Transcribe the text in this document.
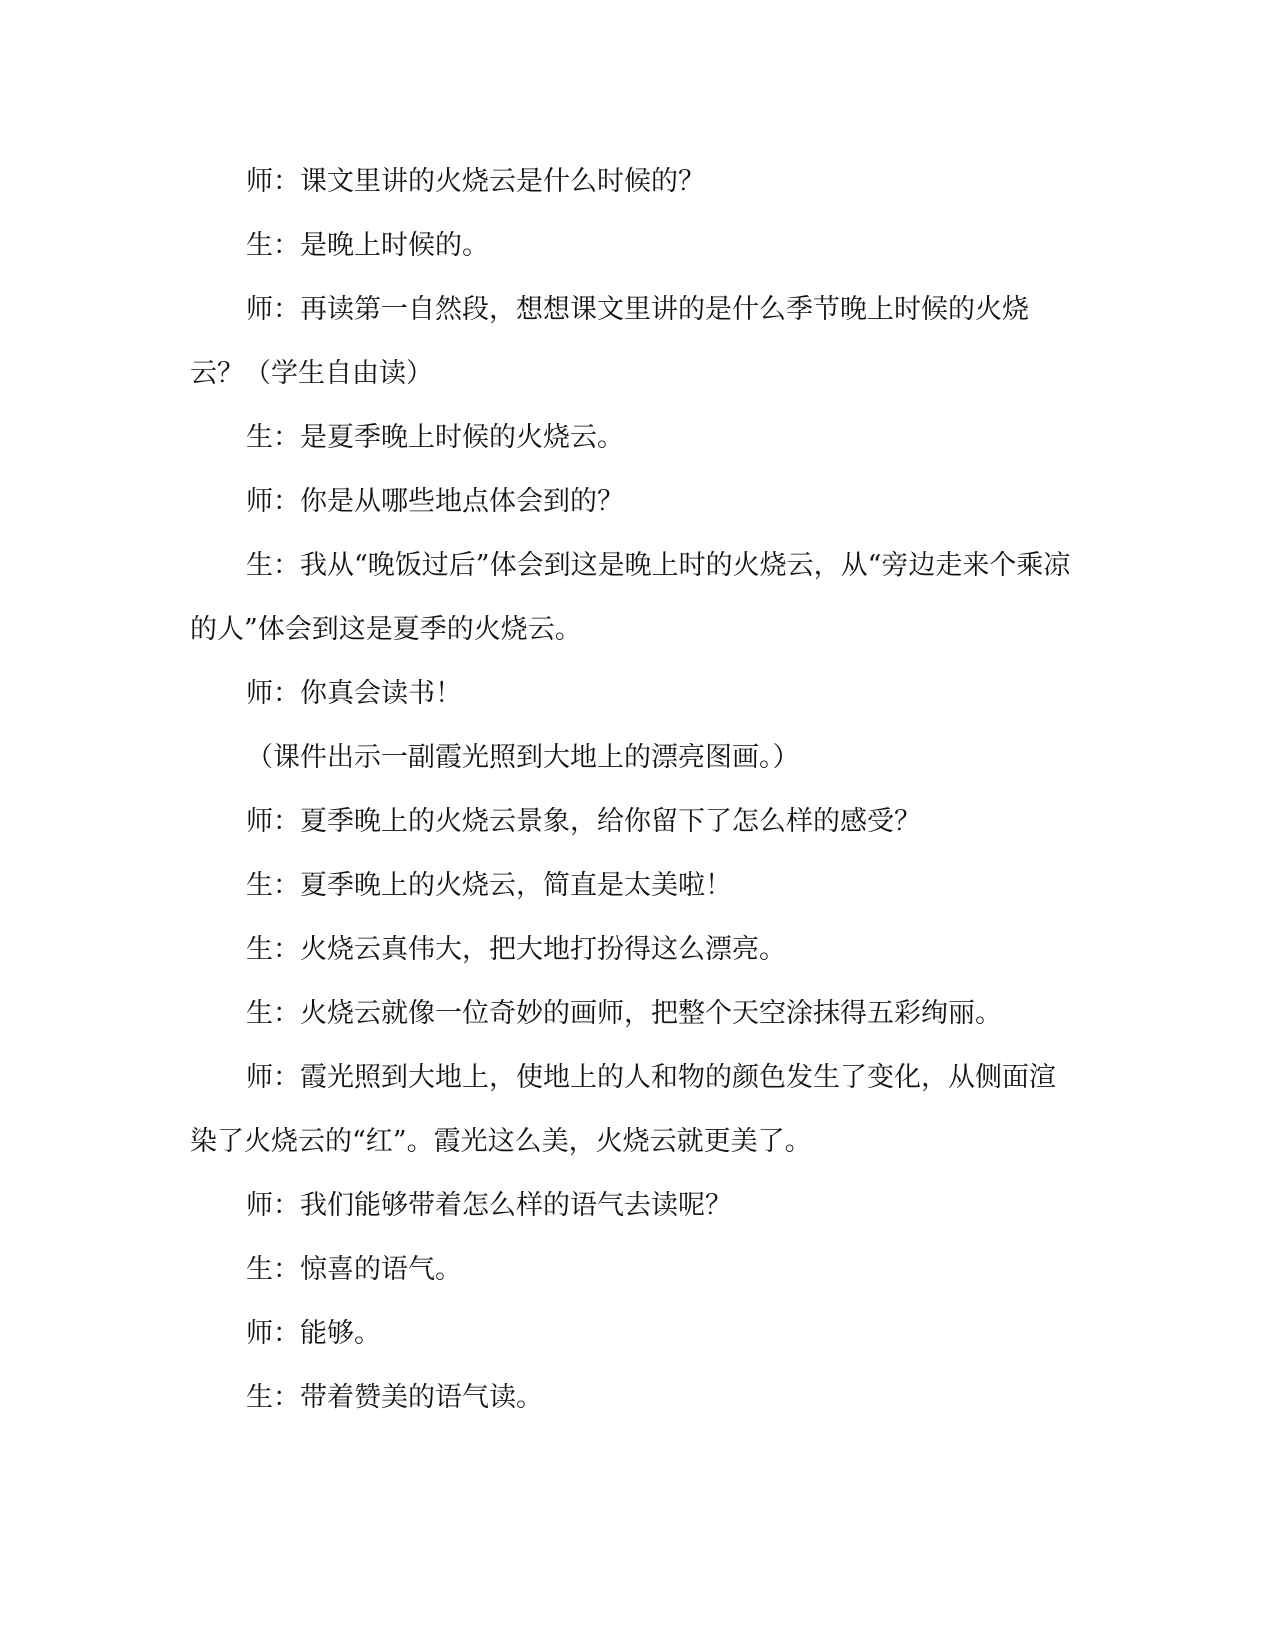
师：课文里讲的火烧云是什么时候的？

生：是晚上时候的。

师：再读第一自然段，想想课文里讲的是什么季节晚上时候的火烧云？（学生自由读）

生：是夏季晚上时候的火烧云。

师：你是从哪些地点体会到的？

生：我从“晚饭过后”体会到这是晚上时的火烧云，从“旁边走来个乘凉的人”体会到这是夏季的火烧云。

师：你真会读书！

（课件出示一副霞光照到大地上的漂亮图画。）

师：夏季晚上的火烧云景象，给你留下了怎么样的感受？

生：夏季晚上的火烧云，简直是太美啦！

生：火烧云真伟大，把大地打扮得这么漂亮。

生：火烧云就像一位奇妙的画师，把整个天空涂抹得五彩绚丽。

师：霞光照到大地上，使地上的人和物的颜色发生了变化，从侧面渲染了火烧云的“红”。霞光这么美，火烧云就更美了。

师：我们能够带着怎么样的语气去读呢？

生：惊喜的语气。

师：能够。

生：带着赞美的语气读。
